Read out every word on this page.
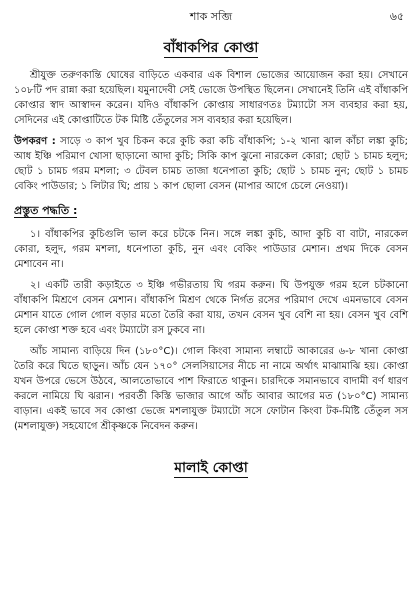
শাক সব্জি	৬৫
বাঁধাকপির কোপ্তা

শ্রীযুক্ত তরুণকান্তি ঘোষের বাড়িতে একবার এক বিশাল ভোজের আয়োজন করা হয়। সেখানে ১০৮টি পদ রান্না করা হয়েছিল। যমুনাদেবী সেই ভোজে উপস্থিত ছিলেন। সেখানেই তিনি এই বাঁধাকপি কোপ্তার স্বাদ আস্বাদন করেন। যদিও বাঁধাকপি কোপ্তায় সাধারণতঃ টম্যাটো সস ব্যবহার করা হয়, সেদিনের এই কোপ্তাটিতে টক মিষ্টি তেঁতুলের সস ব্যবহার করা হয়েছিল।

উপকরণ : সাড়ে ৩ কাপ খুব চিকন করে কুচি করা কচি বাঁধাকপি; ১-২ খানা ঝাল কাঁচা লঙ্কা কুচি; আধ ইঞ্চি পরিমাণ খোসা ছাড়ানো আদা কুচি; সিকি কাপ ঝুনো নারকেল কোরা; ছোট ১ চামচ হলুদ; ছোট ১ চামচ গরম মশলা; ৩ টেবল চামচ তাজা ধনেপাতা কুচি; ছোট ১ চামচ নুন; ছোট ১ চামচ বেকিং পাউডার; ১ লিটার ঘি; প্রায় ১ কাপ ছোলা বেসন (মাপার আগে চেলে নেওয়া)।

প্রস্তুত পদ্ধতি :

১। বাঁধাকপির কুচিগুলি ভাল করে চটকে নিন। সঙ্গে লঙ্কা কুচি, আদা কুচি বা বাটা, নারকেল কোরা, হলুদ, গরম মশলা, ধনেপাতা কুচি, নুন এবং বেকিং পাউডার মেশান। প্রথম দিকে বেসন মেশাবেন না।

২। একটি তারী কড়াইতে ৩ ইঞ্চি গভীরতায় ঘি গরম করুন। ঘি উপযুক্ত গরম হলে চটকানো বাঁধাকপি মিশ্রণে বেসন মেশান। বাঁধাকপি মিশ্রণ থেকে নির্গত রসের পরিমাণ দেখে এমনভাবে বেসন মেশান যাতে গোল গোল বড়ার মতো তৈরি করা যায়, তখন বেসন খুব বেশি না হয়। বেসন খুব বেশি হলে কোপ্তা শক্ত হবে এবং টম্যাটো রস ঢুকবে না।

আঁচ সামান্য বাড়িয়ে দিন (১৮০°C)। গোল কিংবা সামান্য লম্বাটে আকারের ৬-৮ খানা কোপ্তা তৈরি করে ঘিতে ছাড়ুন। আঁচ যেন ১৭০° সেলসিয়াসের নীচে না নামে অর্থাৎ মাঝামাঝি হয়। কোপ্তা যখন উপরে ভেসে উঠবে, আলতোভাবে পাশ ফিরাতে থাকুন। চারদিকে সমানভাবে বাদামী বর্ণ ধারণ করলে নামিয়ে ঘি ঝরান। পরবর্তী কিস্তি ভাজার আগে আঁচ আবার আগের মত (১৮০°C) সামান্য বাড়ান। একই ভাবে সব কোপ্তা ভেজে মশলাযুক্ত টম্যাটো সসে ফোটান কিংবা টক-মিষ্টি তেঁতুল সস (মশলাযুক্ত) সহযোগে শ্রীকৃষ্ণকে নিবেদন করুন।

মালাই কোপ্তা
